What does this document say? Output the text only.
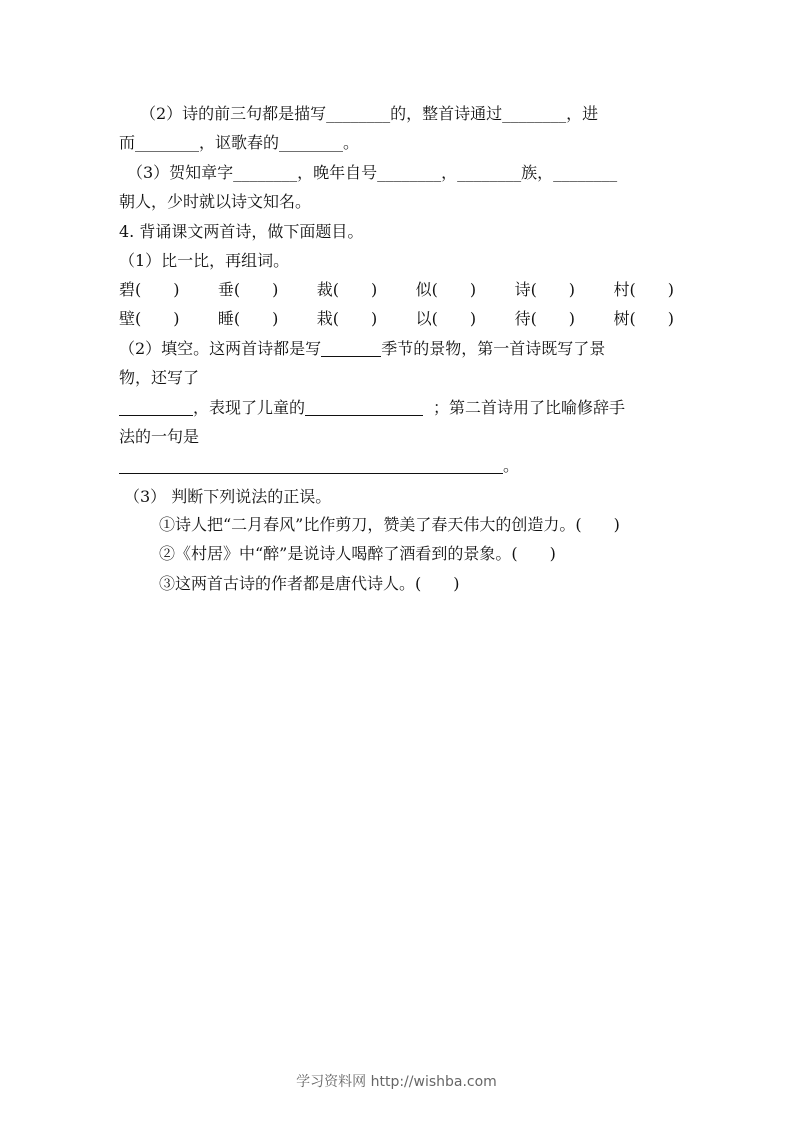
（2）诗的前三句都是描写________的，整首诗通过________，进
而________，讴歌春的________。
（3）贺知章字________，晚年自号________，________族，________
朝人，少时就以诗文知名。
4. 背诵课文两首诗，做下面题目。
（1）比一比，再组词。
碧(　　) 垂(　　) 裁(　　) 似(　　) 诗(　　) 村(　　)
壁(　　) 睡(　　) 栽(　　) 以(　　) 待(　　) 树(　　)
（2）填空。这两首诗都是写	季节的景物，第一首诗既写了景
物，还写了
，表现了儿童的	；第二首诗用了比喻修辞手
法的一句是
。
（3） 判断下列说法的正误。
①诗人把“二月春风”比作剪刀，赞美了春天伟大的创造力。(　　)
②《村居》中“醉”是说诗人喝醉了酒看到的景象。(　　)
③这两首古诗的作者都是唐代诗人。(　　)
学习资料网 http://wishba.com
